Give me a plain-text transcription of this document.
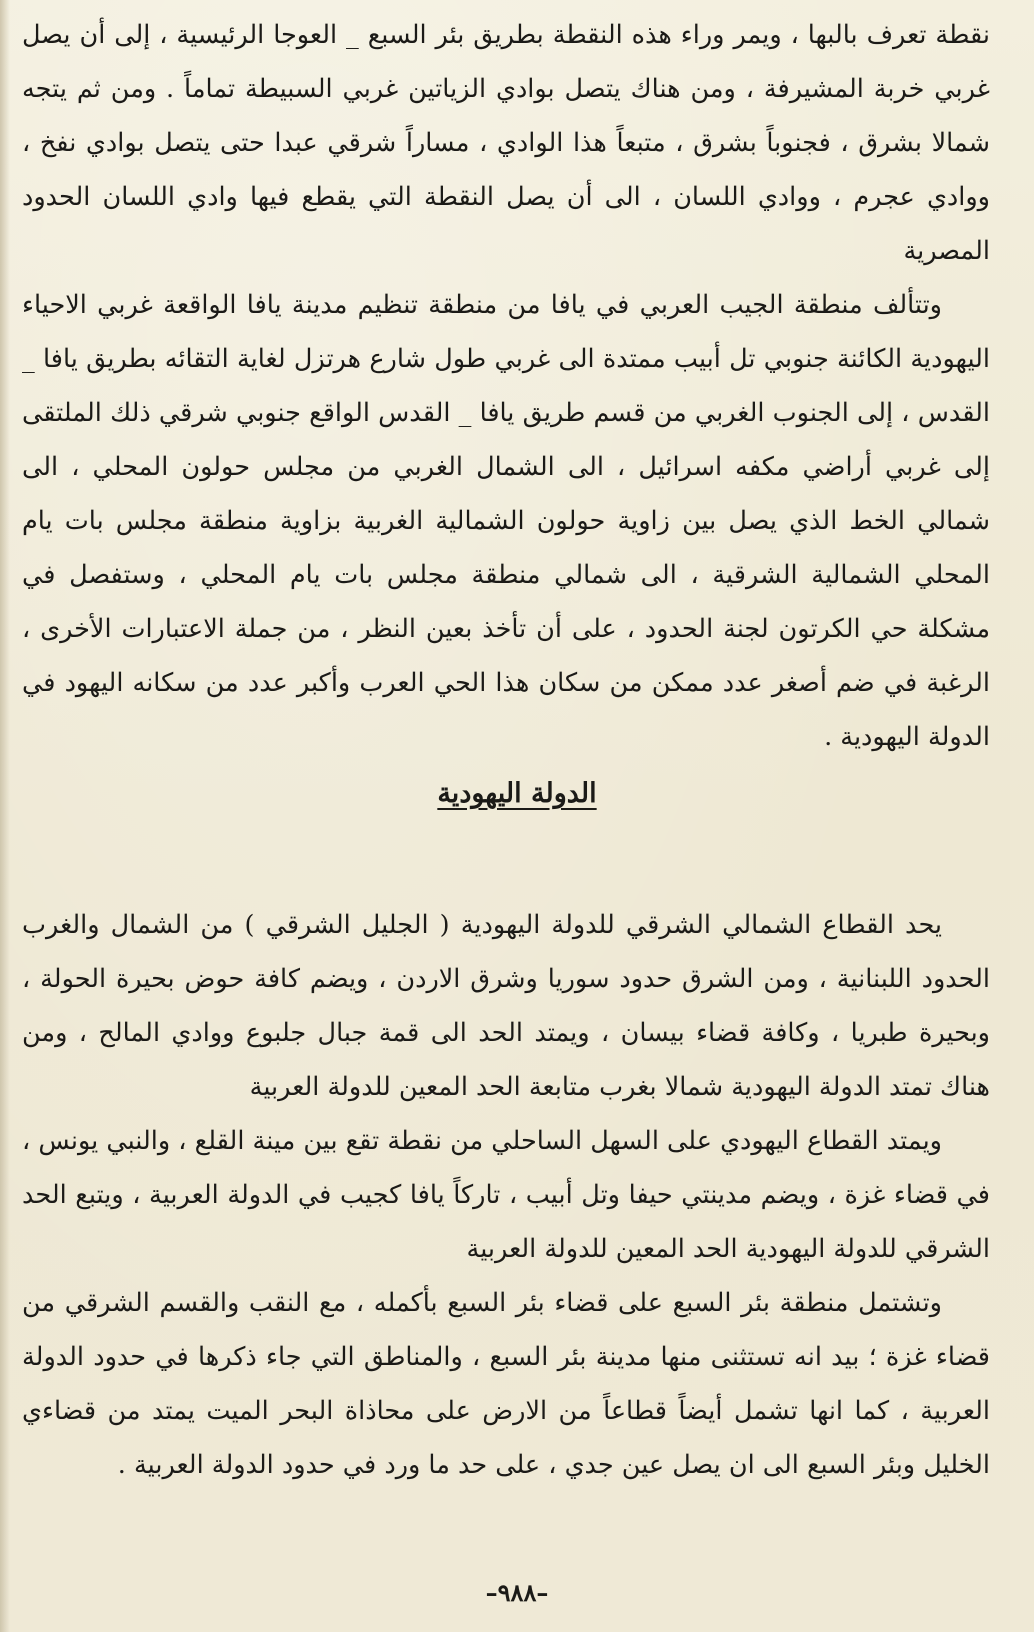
نقطة تعرف بالبها ، ويمر وراء هذه النقطة بطريق بئر السبع _ العوجا الرئيسية ، إلى أن يصل غربي خربة المشيرفة ، ومن هناك يتصل بوادي الزياتين غربي السبيطة تماماً . ومن ثم يتجه شمالا بشرق ، فجنوباً بشرق ، متبعاً هذا الوادي ، مساراً شرقي عبدا حتى يتصل بوادي نفخ ، ووادي عجرم ، ووادي اللسان ، الى أن يصل النقطة التي يقطع فيها وادي اللسان الحدود المصرية

وتتألف منطقة الجيب العربي في يافا من منطقة تنظيم مدينة يافا الواقعة غربي الاحياء اليهودية الكائنة جنوبي تل أبيب ممتدة الى غربي طول شارع هرتزل لغاية التقائه بطريق يافا _ القدس ، إلى الجنوب الغربي من قسم طريق يافا _ القدس الواقع جنوبي شرقي ذلك الملتقى إلى غربي أراضي مكفه اسرائيل ، الى الشمال الغربي من مجلس حولون المحلي ، الى شمالي الخط الذي يصل بين زاوية حولون الشمالية الغربية بزاوية منطقة مجلس بات يام المحلي الشمالية الشرقية ، الى شمالي منطقة مجلس بات يام المحلي ، وستفصل في مشكلة حي الكرتون لجنة الحدود ، على أن تأخذ بعين النظر ، من جملة الاعتبارات الأخرى ، الرغبة في ضم أصغر عدد ممكن من سكان هذا الحي العرب وأكبر عدد من سكانه اليهود في الدولة اليهودية .

الدولة اليهودية

يحد القطاع الشمالي الشرقي للدولة اليهودية ( الجليل الشرقي ) من الشمال والغرب الحدود اللبنانية ، ومن الشرق حدود سوريا وشرق الاردن ، ويضم كافة حوض بحيرة الحولة ، وبحيرة طبريا ، وكافة قضاء بيسان ، ويمتد الحد الى قمة جبال جلبوع ووادي المالح ، ومن هناك تمتد الدولة اليهودية شمالا بغرب متابعة الحد المعين للدولة العربية

ويمتد القطاع اليهودي على السهل الساحلي من نقطة تقع بين مينة القلع ، والنبي يونس ، في قضاء غزة ، ويضم مدينتي حيفا وتل أبيب ، تاركاً يافا كجيب في الدولة العربية ، ويتبع الحد الشرقي للدولة اليهودية الحد المعين للدولة العربية

وتشتمل منطقة بئر السبع على قضاء بئر السبع بأكمله ، مع النقب والقسم الشرقي من قضاء غزة ؛ بيد انه تستثنى منها مدينة بئر السبع ، والمناطق التي جاء ذكرها في حدود الدولة العربية ، كما انها تشمل أيضاً قطاعاً من الارض على محاذاة البحر الميت يمتد من قضاءي الخليل وبئر السبع الى ان يصل عين جدي ، على حد ما ورد في حدود الدولة العربية .

–٩٨٨–
